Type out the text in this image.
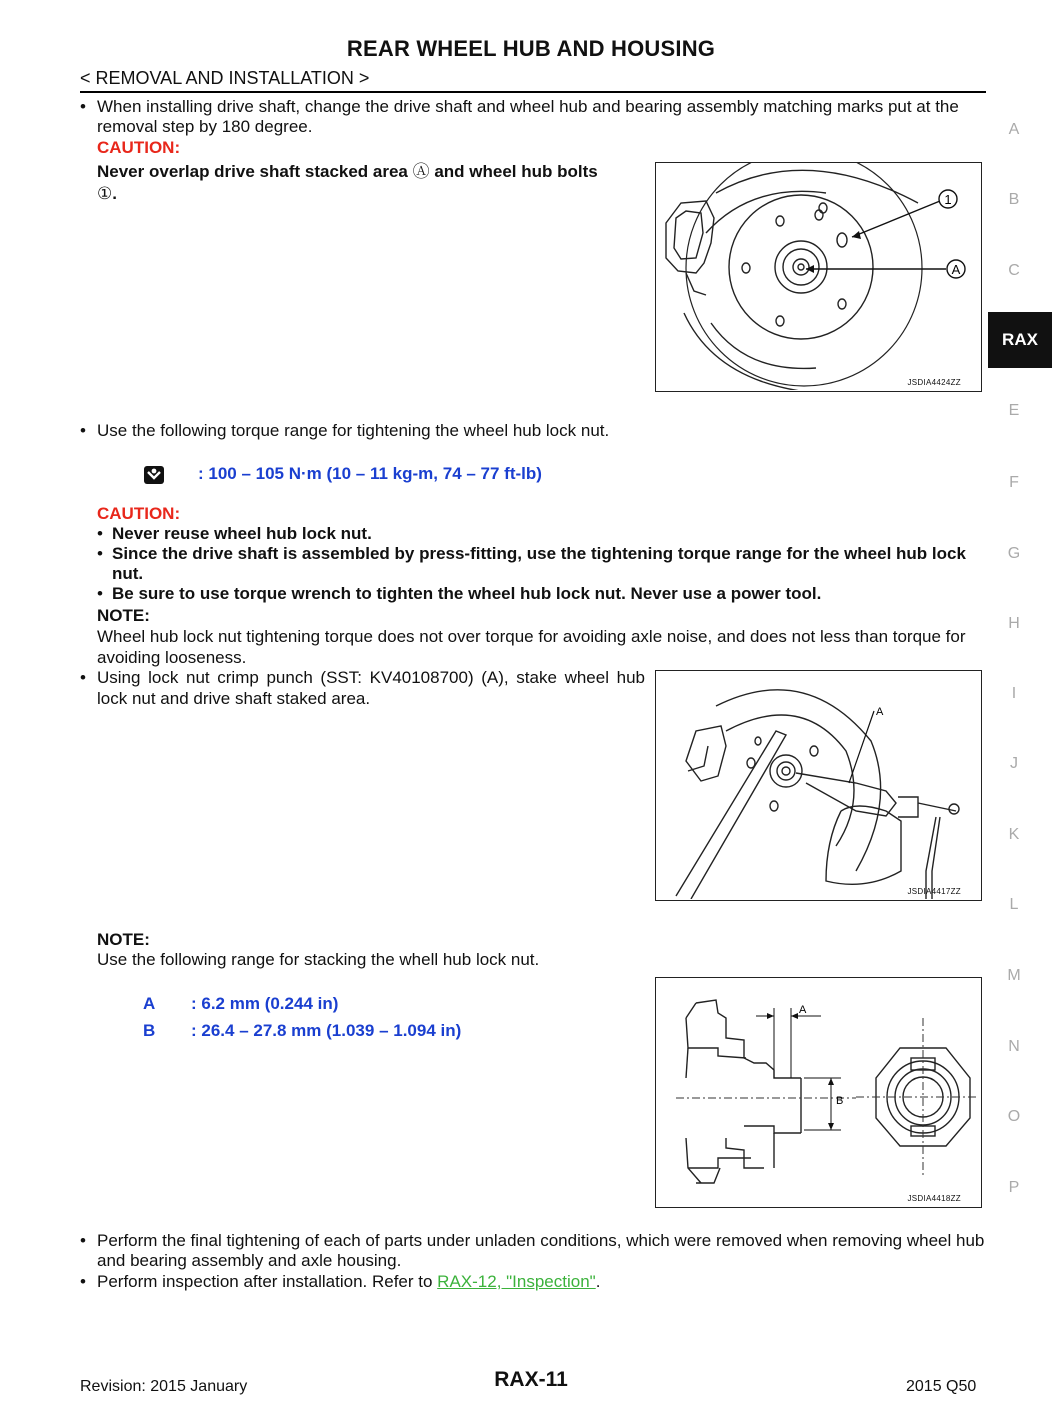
REAR WHEEL HUB AND HOUSING
< REMOVAL AND INSTALLATION >
• When installing drive shaft, change the drive shaft and wheel hub and bearing assembly matching marks put at the removal step by 180 degree.
CAUTION:
Never overlap drive shaft stacked area Ⓐ and wheel hub bolts
①.	1
A
JSDIA4424ZZ
• Use the following torque range for tightening the wheel hub lock nut.
: 100 – 105 N·m (10 – 11 kg-m, 74 – 77 ft-lb)
CAUTION:
• Never reuse wheel hub lock nut.
• Since the drive shaft is assembled by press-fitting, use the tightening torque range for the wheel hub lock nut.
• Be sure to use torque wrench to tighten the wheel hub lock nut. Never use a power tool.
NOTE:
Wheel hub lock nut tightening torque does not over torque for avoiding axle noise, and does not less than torque for avoiding looseness.
• Using lock nut crimp punch (SST: KV40108700) (A), stake wheel hub lock nut and drive shaft staked area.
A
JSDIA4417ZZ
NOTE:
Use the following range for stacking the whell hub lock nut.
A : 6.2 mm (0.244 in)
B : 26.4 – 27.8 mm (1.039 – 1.094 in)
A
B
JSDIA4418ZZ
• Perform the final tightening of each of parts under unladen conditions, which were removed when removing wheel hub and bearing assembly and axle housing.
• Perform inspection after installation. Refer to RAX-12, "Inspection".
A
B
C
RAX
E
F
G
H
I
J
K
L
M
N
O
P
Revision: 2015 January	RAX-11	2015 Q50
